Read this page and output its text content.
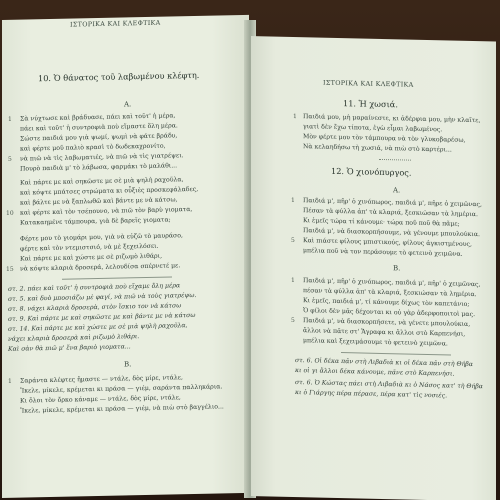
ΙΣΤΟΡΙΚΑ ΚΑΙ ΚΛΕΦΤΙΚΑ
10. Ὁ θάνατος τοῦ λαβωμένου κλέφτη.
Α.
1 Σὰ νύχτωσε καὶ βράδυασε, πάει καὶ τοῦτ' ἡ μέρα,
πάει καὶ τοῦτ' ἡ συντροφιὰ ποὺ εἴμαστε ὅλη μέρα.
Σώστε παιδιά μου γιὰ ψωμί, ψωμὶ νὰ φάτε βράδυ,
καὶ φέρτε μοῦ παλιὸ κρασὶ τὸ δωδεκαχρονίτο,
5 νὰ πιῶ νὰ τὶς λαβωματιές, νὰ πιῶ νὰ τὶς γιατρέψει.
Πουρὸ παιδιὰ μ' τὸ λάβωσα, φαρμάκι τὸ μαλάθι...
Καὶ πάρτε με καὶ σηκῶστε με σὲ μιὰ ψηλὴ ραχοῦλα,
καὶ κόψτε μπάτσες στρώματα κι οὖξιὲς προσκεφάλαδες,
καὶ βάλτε με νὰ ξαπλωθῶ καὶ βάντε με νὰ κάτσω,
10 καὶ φέρτε καὶ τὸν τσέπουνο, νὰ πιῶ τὸν βαρὺ γιοματα,
Κατακαημένε τάμπουρα, γιὰ δὲ βαρεῖς γιοματα;
Φέρτε μου τὸ γιομάρι μου, γιὰ νὰ εὐζῶ τὸ μαυράσο,
φέρτε καὶ τὸν ντεμιστσιό, νὰ μὲ ξεχειλόσει.
Καὶ πάρτε με καὶ χώστε με σὲ ριζωμὸ λιθάρι,
15 νὰ κόψτε κλαριὰ δροσερά, λελουδίσα σπέρνετέ με.
στ. 2. πάει καὶ τοῦτ' ἡ συντροφιὰ ποὺ εἴχαμε ὅλη μέρα
στ. 5. καὶ δυὸ μποσιάζω μὲ φαγί, νὰ πιῶ νὰ τοὺς γιατρέψω.
στ. 8. νάχει κλαριὰ δροσερὰ, στὸν ἴσκιο τον νὰ κάτσω
στ. 9. Καὶ πάρτε με καὶ σηκῶστε με καὶ βάντε με νὰ κάτσω
στ. 14. Καὶ πάρτε με καὶ χώστε με σὲ μιὰ ψηλὴ ραχοῦλα,
νάχει κλαριὰ δροσερὰ καὶ ριζωμὸ λιθάρι.
Καὶ σὰν θὰ πιῶ μ' ἔνα βαριὸ γιοματα...
Β.
1 Σαράντα κλέφτες ἤμαστε — ντάλε, δὸς μίρε, ντάλε,
Ἴκελε, μίκελε, κρέμεται κι πράσα — γιέμ, σαράντα παλληκάρια.
Κι ὅλοι τὸν ὄρκο κάναμε — ντάλε, δὸς μίρε, ντάλε,
Ἴκελε, μίκελε, κρέμεται κι πράσα — γιέμ, νὰ πιὼ στὸ βαγγέλιο...
ΙΣΤΟΡΙΚΑ ΚΑΙ ΚΛΕΦΤΙΚΑ
11. Ἡ χωσιά.
1 Παιδιά μου, μὴ μαραίνεστε, κι ἀδέρφια μου, μὴν κλαῖτε,
γιατὶ δὲν ἔχω τίποτα, ἐγὼ εἶμαι λαβωμένος.
Μὸν φέρτε μου τὸν τάμπουρα νὰ τὸν γλυκοβαρέσω,
Νὰ κελαηδήσω τὴ χωσιά, νὰ πιὼ στὸ καρτέρι...
12. Ὁ χιονόπυργος.
Α.
1 Παιδιά μ', πῆρ' ὁ χινόπωρος, παιδιά μ', πῆρε ὁ χειμῶνας,
Πέσαν τὰ φύλλα ἀπ' τὰ κλαριά, ξεσκιώσαν τὰ λημέρια.
Κι ἐμεῖς τώρα τί κάνουμε· τώρα ποῦ ποῦ θὰ πᾶμε;
Παιδιά μ', νὰ διασκορπήσουμε, νὰ γένουμε μπουλούκια.
5 Καὶ πιάστε φίλους μπιστικούς, φίλους ἀγκιστμένους,
μπέλια ποῦ νὰ τον περάσουμε τὸ φετεινὸ χειμῶνα.
Β.
1 Παιδιά μ', πῆρ' ὁ χινόπωρος, παιδιά μ', πῆρ' ὁ χειμῶνας,
πέσαν τὰ φύλλα ἀπ' τὰ κλαριά, ξεσκιώσαν τὰ λημέρια.
Κι ἐμεῖς, παιδιά μ', τί κάνουμε δίχως τὸν καπετάνιο;
Ὁ φίλοι δὲν μᾶς δέχονται κι οὐ γὰρ ἀδερφοποιτοὶ μας.
5 Παιδιά μ', νὰ διασκορπήσετε, νὰ γένετε μπουλούκια,
ἄλλοι νὰ πᾶτε στ' Ἄγραφα κι ἄλλοι στὸ Καρπενήσι,
μπέλια καὶ ξεχειμάσουμε τὸ φετεινὸ χειμῶνα.
στ. 6. Οἱ δέκα πᾶν στὴ Λιβαδιὰ κι οἱ δέκα πᾶν στὴ Θήβα
κι οἱ γι ἄλλοι δέκα κάνουμε, πᾶνε στὸ Καρπενήσι.
στ. 6. Ὁ Κώστας πάει στὴ Λιβαδιὰ κι ὁ Νάσος κατ' τὴ Θήβα
κι ὁ Γιάργης πέρα πέρασε, πέρα κατ' τὶς νοσιές.
